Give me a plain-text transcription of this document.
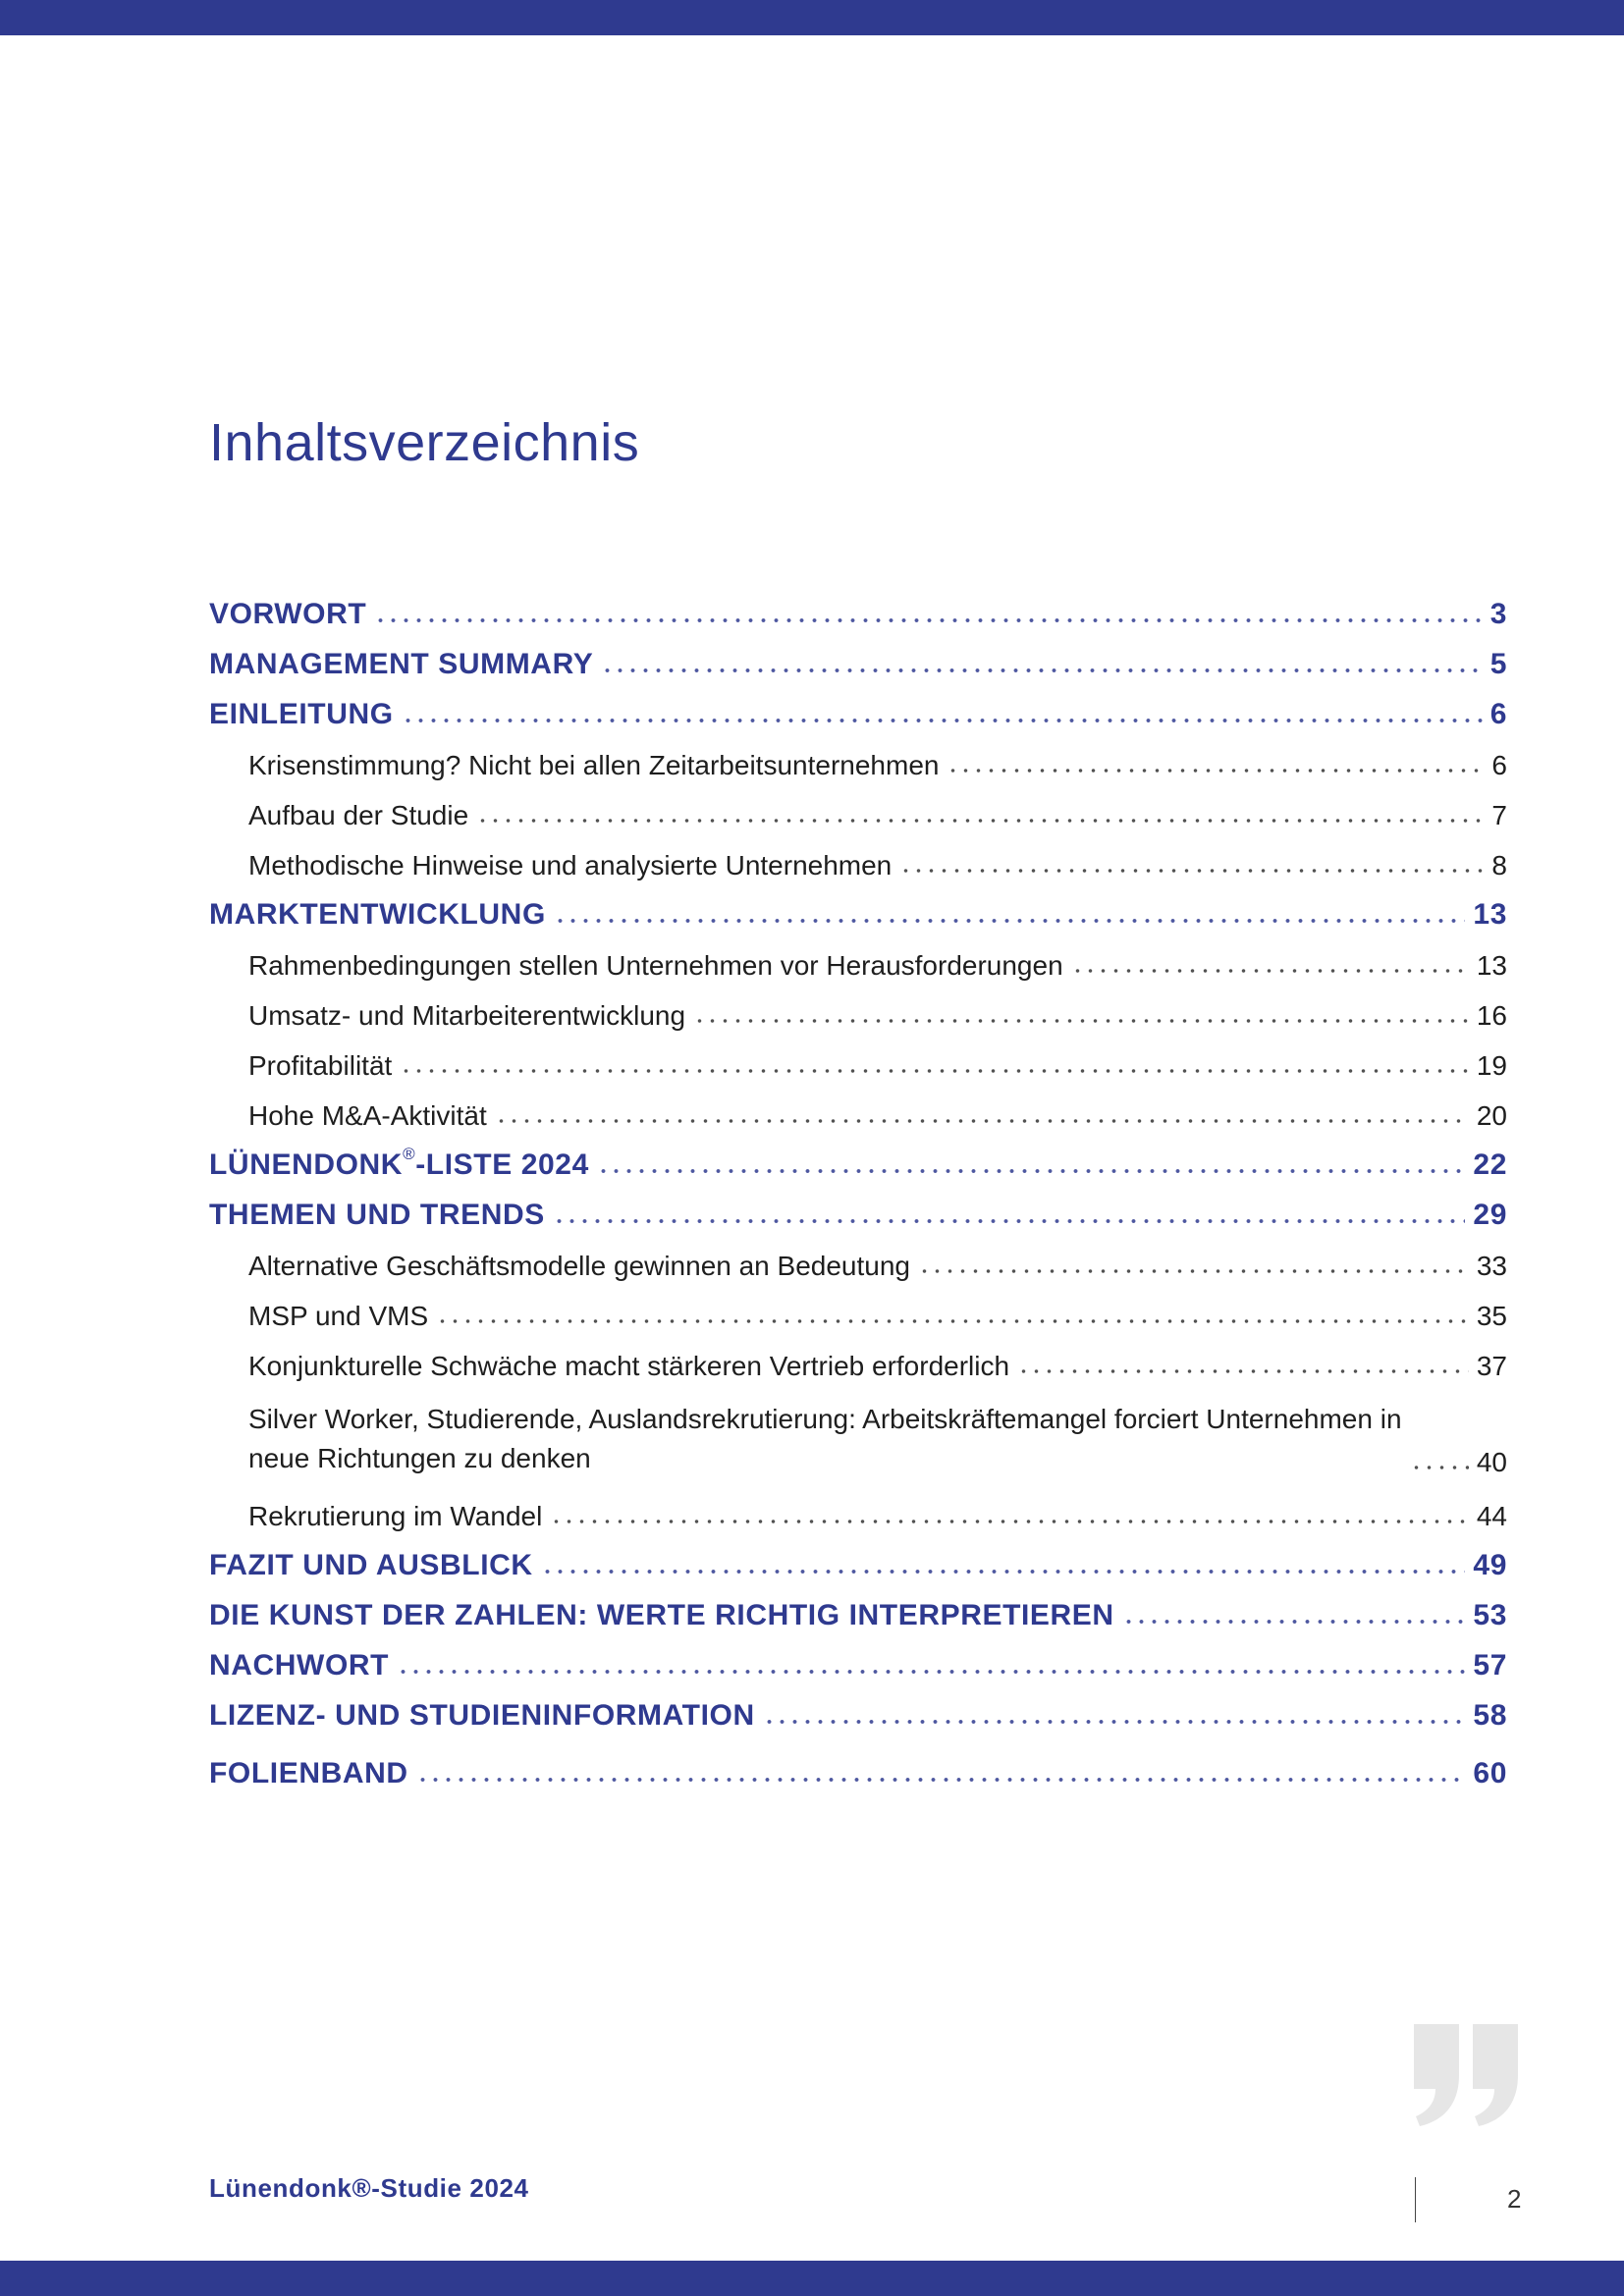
Inhaltsverzeichnis
VORWORT	3
MANAGEMENT SUMMARY	5
EINLEITUNG	6
Krisenstimmung? Nicht bei allen Zeitarbeitsunternehmen	6
Aufbau der Studie	7
Methodische Hinweise und analysierte Unternehmen	8
MARKTENTWICKLUNG	13
Rahmenbedingungen stellen Unternehmen vor Herausforderungen	13
Umsatz- und Mitarbeiterentwicklung	16
Profitabilität	19
Hohe M&A-Aktivität	20
LÜNENDONK®-LISTE 2024	22
THEMEN UND TRENDS	29
Alternative Geschäftsmodelle gewinnen an Bedeutung	33
MSP und VMS	35
Konjunkturelle Schwäche macht stärkeren Vertrieb erforderlich	37
Silver Worker, Studierende, Auslandsrekrutierung: Arbeitskräftemangel forciert Unternehmen in
neue Richtungen zu denken	40
Rekrutierung im Wandel	44
FAZIT UND AUSBLICK	49
DIE KUNST DER ZAHLEN: WERTE RICHTIG INTERPRETIEREN	53
NACHWORT	57
LIZENZ- UND STUDIENINFORMATION	58
FOLIENBAND	60

Lünendonk®-Studie 2024	2
